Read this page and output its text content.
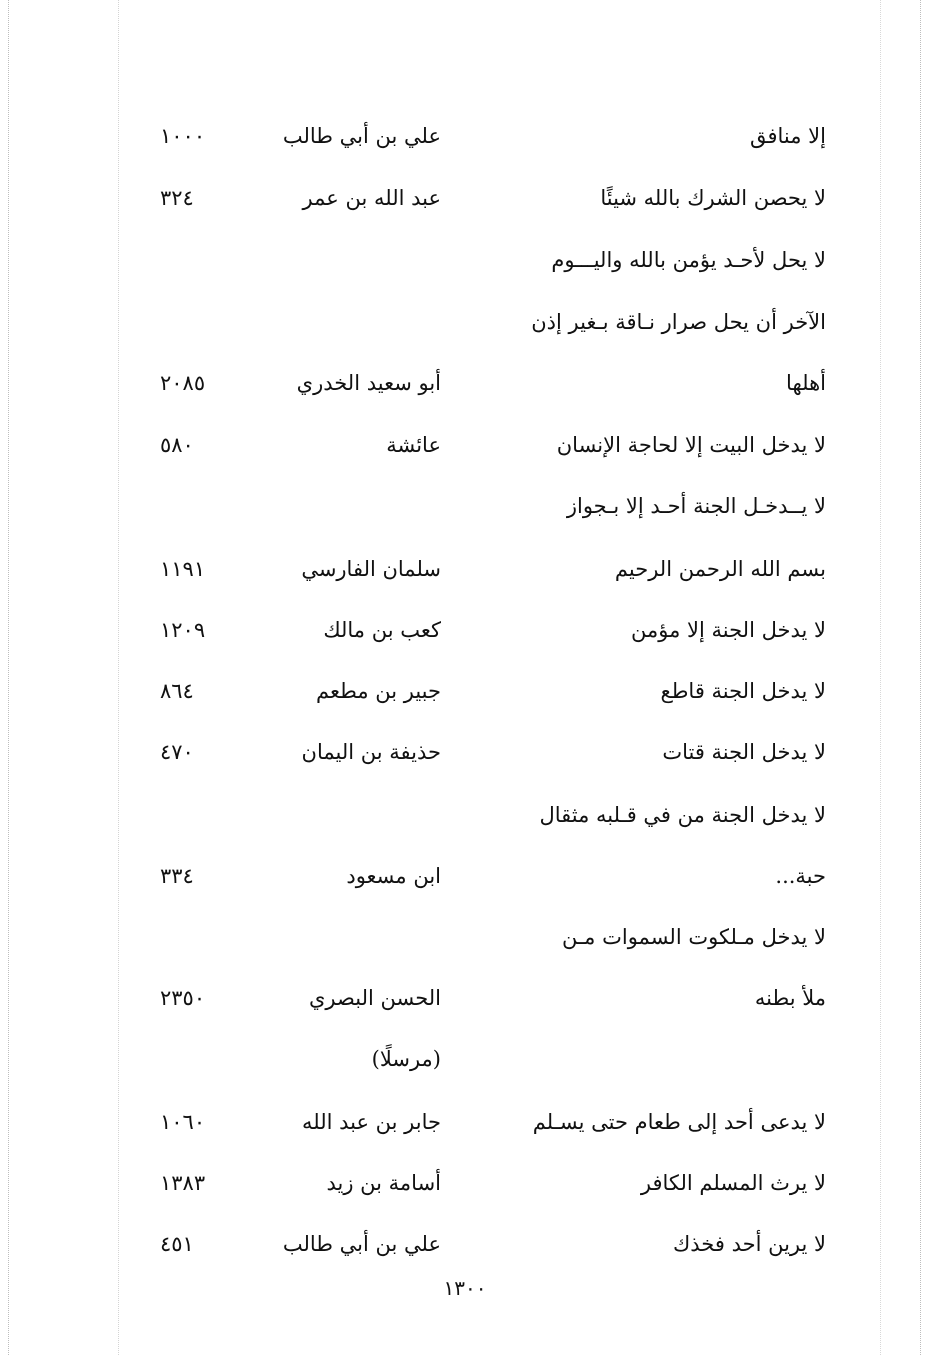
إلا منافق
علي بن أبي طالب
١٠٠٠
لا يحصن الشرك بالله شيئًا
عبد الله بن عمر
٣٢٤
لا يحل لأحـد يؤمن بالله واليـــوم
الآخر أن يحل صرار نـاقة بـغير إذن
أهلها
أبو سعيد الخدري
٢٠٨٥
لا يدخل البيت إلا لحاجة الإنسان
عائشة
٥٨٠
لا يــدخـل الجنة أحـد إلا بـجواز
بسم الله الرحمن الرحيم
سلمان الفارسي
١١٩١
لا يدخل الجنة إلا مؤمن
كعب بن مالك
١٢٠٩
لا يدخل الجنة قاطع
جبير بن مطعم
٨٦٤
لا يدخل الجنة قتات
حذيفة بن اليمان
٤٧٠
لا يدخل الجنة من في قـلبه مثقال
حبة...
ابن مسعود
٣٣٤
لا يدخل مـلكوت السموات مـن
ملأ بطنه
الحسن البصري
٢٣٥٠
(مرسلًا)
لا يدعى أحد إلى طعام حتى يسـلم
جابر بن عبد الله
١٠٦٠
لا يرث المسلم الكافر
أسامة بن زيد
١٣٨٣
لا يرين أحد فخذك
علي بن أبي طالب
٤٥١
١٣٠٠
